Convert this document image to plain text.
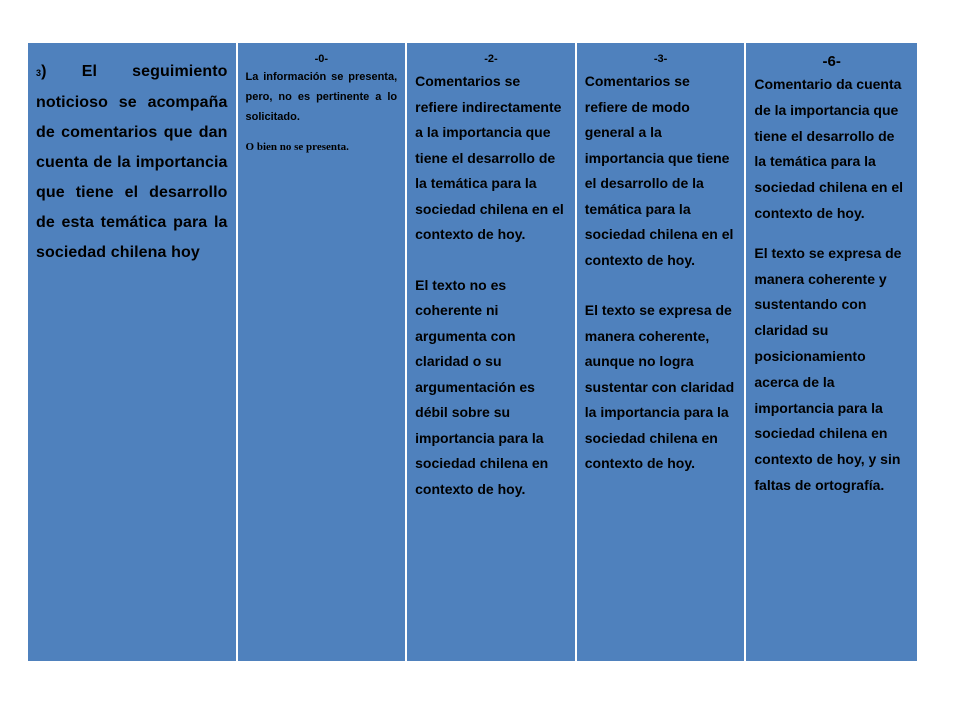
3) El seguimiento noticioso se acompaña de comentarios que dan cuenta de la importancia que tiene el desarrollo de esta temática para la sociedad chilena hoy
-0-

La información se presenta, pero, no es pertinente a lo solicitado.

O bien no se presenta.

-2-

Comentarios se refiere indirectamente a la importancia que tiene el desarrollo de la temática para la sociedad chilena en el contexto de hoy.

El texto no es coherente ni argumenta con claridad o su argumentación es débil sobre su importancia para la sociedad chilena en contexto de hoy.

-3-

Comentarios se refiere de modo general a la importancia que tiene el desarrollo de la temática para la sociedad chilena en el contexto de hoy.

El texto se expresa de manera coherente, aunque no logra sustentar con claridad la importancia para la sociedad chilena en contexto de hoy.

-6-

Comentario da cuenta de la importancia que tiene el desarrollo de la temática para la sociedad chilena en el contexto de hoy.

El texto se expresa de manera coherente y sustentando con claridad su posicionamiento acerca de la importancia para la sociedad chilena en contexto de hoy, y sin faltas de ortografía.
